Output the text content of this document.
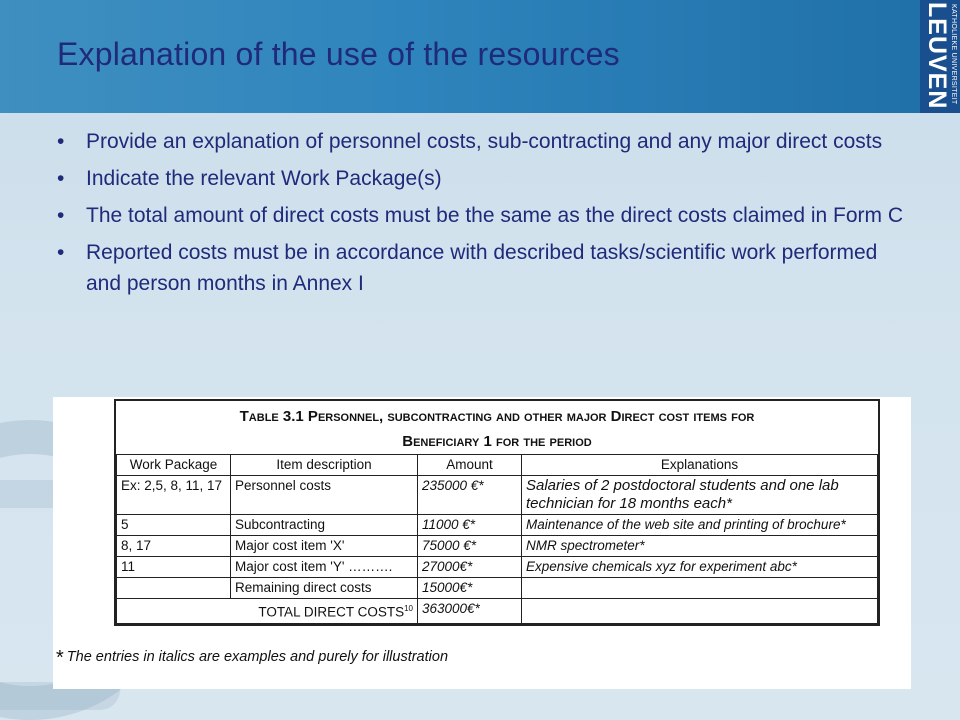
Explanation of the use of the resources	KATHOLIEKE UNIVERSITEIT
LEUVEN
• Provide an explanation of personnel costs, sub-contracting and any major direct costs
• Indicate the relevant Work Package(s)
• The total amount of direct costs must be the same as the direct costs claimed in Form C
• Reported costs must be in accordance with described tasks/scientific work performed and person months in Annex I
Table 3.1 Personnel, subcontracting and other major Direct cost items for
Beneficiary 1 for the period
Work Package	Item description	Amount	Explanations
Ex: 2,5, 8, 11, 17	Personnel costs	235000 €*	Salaries of 2 postdoctoral students and one lab technician for 18 months each*
5	Subcontracting	11000 €*	Maintenance of the web site and printing of brochure*
8, 17	Major cost item 'X'	75000 €*	NMR spectrometer*
11	Major cost item 'Y' ……….	27000€*	Expensive chemicals xyz for experiment abc*
	Remaining direct costs	15000€*	
TOTAL DIRECT COSTS$^{10}$		363000€*	
* The entries in italics are examples and purely for illustration
